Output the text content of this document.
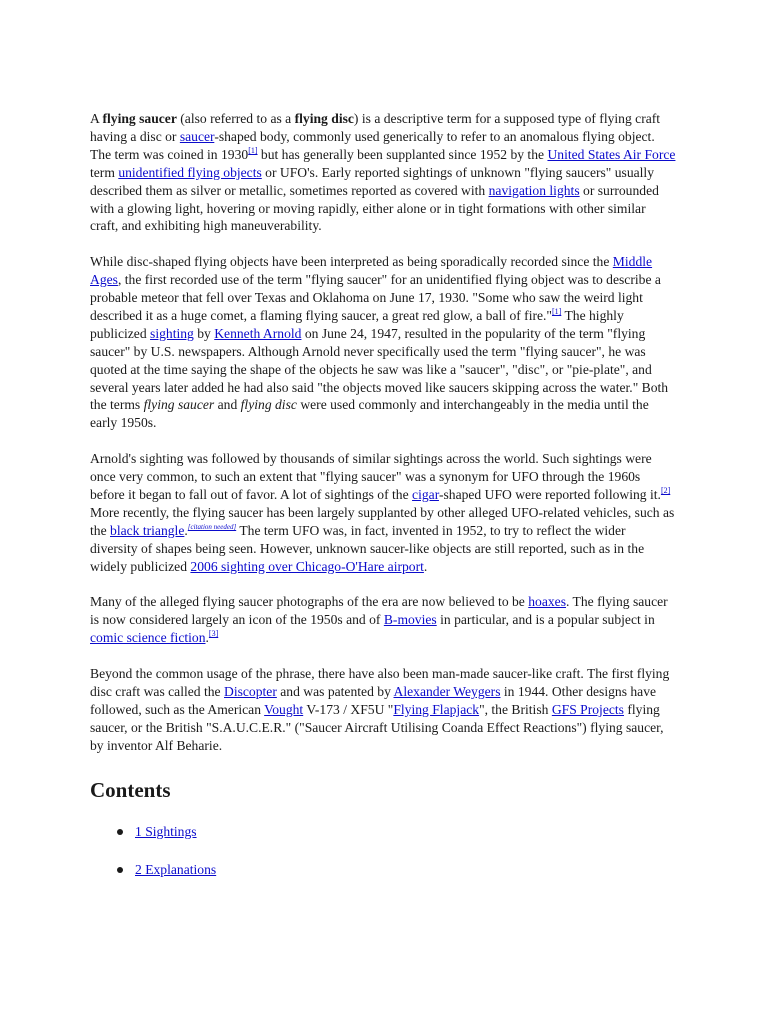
A flying saucer (also referred to as a flying disc) is a descriptive term for a supposed type of flying craft having a disc or saucer-shaped body, commonly used generically to refer to an anomalous flying object. The term was coined in 1930[1] but has generally been supplanted since 1952 by the United States Air Force term unidentified flying objects or UFO's. Early reported sightings of unknown "flying saucers" usually described them as silver or metallic, sometimes reported as covered with navigation lights or surrounded with a glowing light, hovering or moving rapidly, either alone or in tight formations with other similar craft, and exhibiting high maneuverability.

While disc-shaped flying objects have been interpreted as being sporadically recorded since the Middle Ages, the first recorded use of the term "flying saucer" for an unidentified flying object was to describe a probable meteor that fell over Texas and Oklahoma on June 17, 1930. "Some who saw the weird light described it as a huge comet, a flaming flying saucer, a great red glow, a ball of fire."[1] The highly publicized sighting by Kenneth Arnold on June 24, 1947, resulted in the popularity of the term "flying saucer" by U.S. newspapers. Although Arnold never specifically used the term "flying saucer", he was quoted at the time saying the shape of the objects he saw was like a "saucer", "disc", or "pie-plate", and several years later added he had also said "the objects moved like saucers skipping across the water." Both the terms flying saucer and flying disc were used commonly and interchangeably in the media until the early 1950s.

Arnold's sighting was followed by thousands of similar sightings across the world. Such sightings were once very common, to such an extent that "flying saucer" was a synonym for UFO through the 1960s before it began to fall out of favor. A lot of sightings of the cigar-shaped UFO were reported following it.[2] More recently, the flying saucer has been largely supplanted by other alleged UFO-related vehicles, such as the black triangle.[citation needed] The term UFO was, in fact, invented in 1952, to try to reflect the wider diversity of shapes being seen. However, unknown saucer-like objects are still reported, such as in the widely publicized 2006 sighting over Chicago-O'Hare airport.

Many of the alleged flying saucer photographs of the era are now believed to be hoaxes. The flying saucer is now considered largely an icon of the 1950s and of B-movies in particular, and is a popular subject in comic science fiction.[3]

Beyond the common usage of the phrase, there have also been man-made saucer-like craft. The first flying disc craft was called the Discopter and was patented by Alexander Weygers in 1944. Other designs have followed, such as the American Vought V-173 / XF5U "Flying Flapjack", the British GFS Projects flying saucer, or the British "S.A.U.C.E.R." ("Saucer Aircraft Utilising Coanda Effect Reactions") flying saucer, by inventor Alf Beharie.

Contents
1 Sightings
2 Explanations
